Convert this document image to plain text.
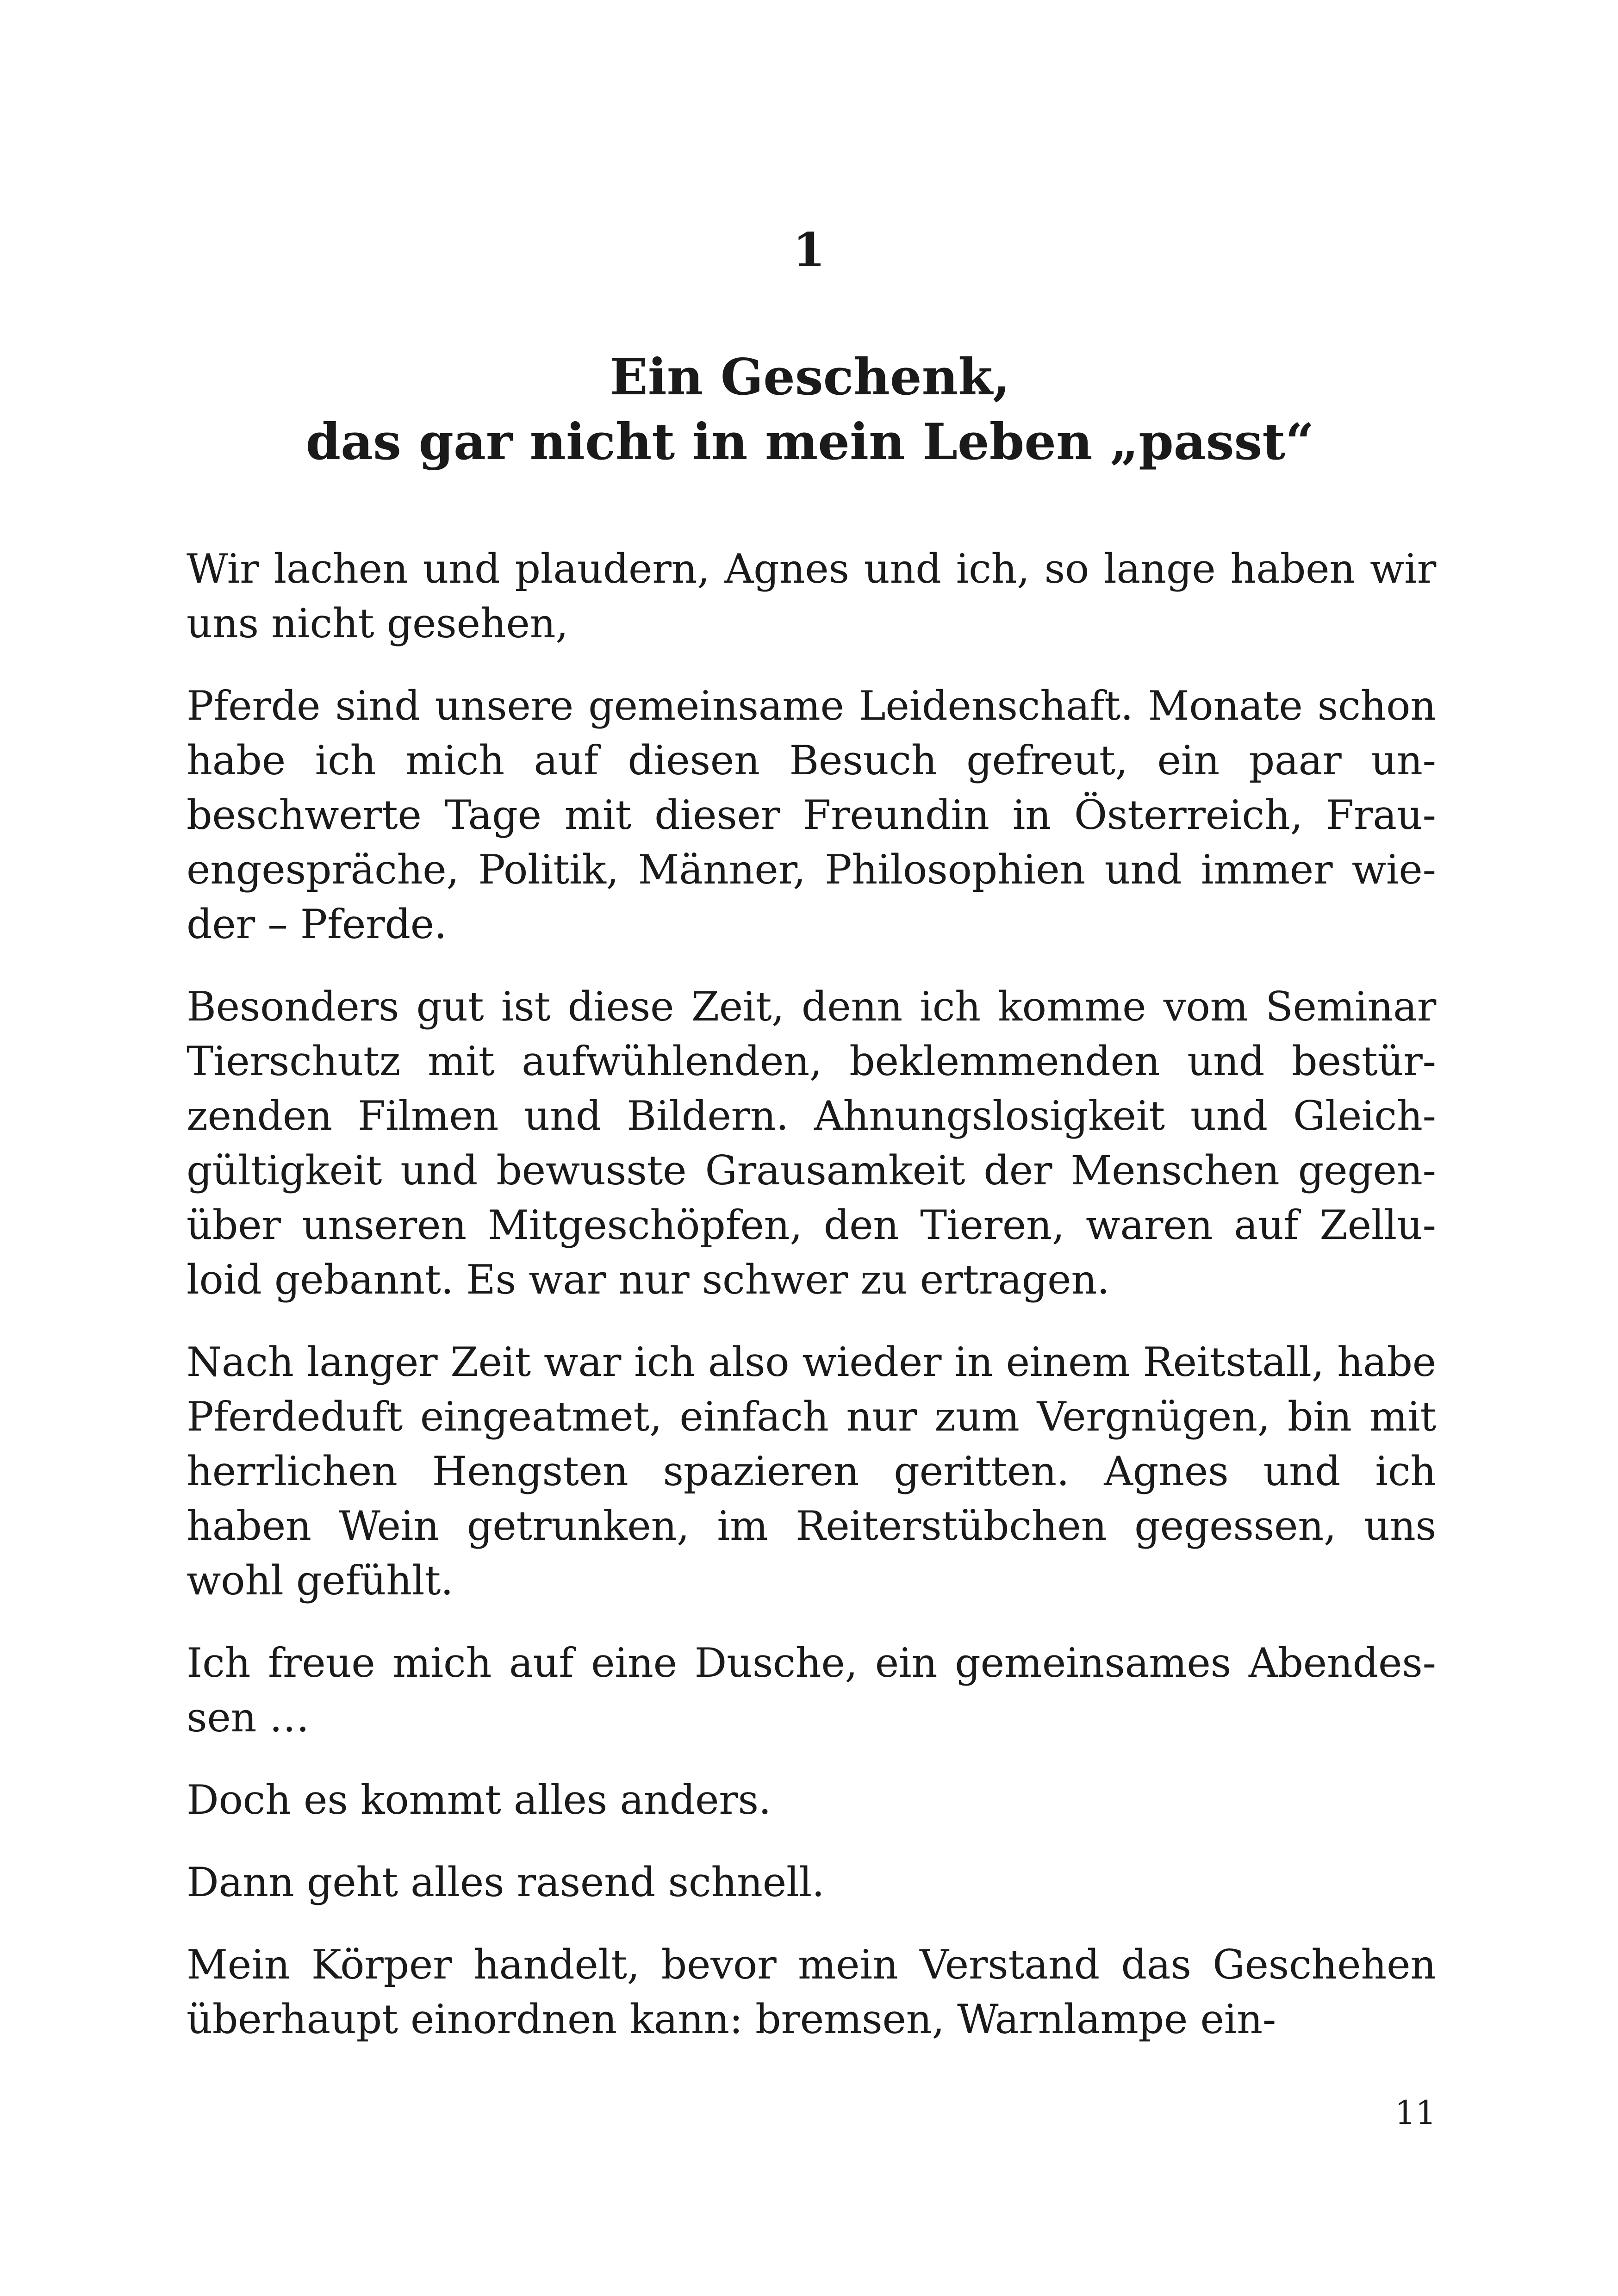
1
Ein Geschenk,
das gar nicht in mein Leben „passt“

Wir lachen und plaudern, Agnes und ich, so lange haben wir uns nicht gesehen,

Pferde sind unsere gemeinsame Leidenschaft. Monate schon habe ich mich auf diesen Besuch gefreut, ein paar unbeschwerte Tage mit dieser Freundin in Österreich, Frauengespräche, Politik, Männer, Philosophien und immer wieder – Pferde.

Besonders gut ist diese Zeit, denn ich komme vom Seminar Tierschutz mit aufwühlenden, beklemmenden und bestürzenden Filmen und Bildern. Ahnungslosigkeit und Gleichgültigkeit und bewusste Grausamkeit der Menschen gegenüber unseren Mitgeschöpfen, den Tieren, waren auf Zelluloid gebannt. Es war nur schwer zu ertragen.

Nach langer Zeit war ich also wieder in einem Reitstall, habe Pferdeduft eingeatmet, einfach nur zum Vergnügen, bin mit herrlichen Hengsten spazieren geritten. Agnes und ich haben Wein getrunken, im Reiterstübchen gegessen, uns wohl gefühlt.

Ich freue mich auf eine Dusche, ein gemeinsames Abendessen …

Doch es kommt alles anders.

Dann geht alles rasend schnell.

Mein Körper handelt, bevor mein Verstand das Geschehen überhaupt einordnen kann: bremsen, Warnlampe ein-

11
